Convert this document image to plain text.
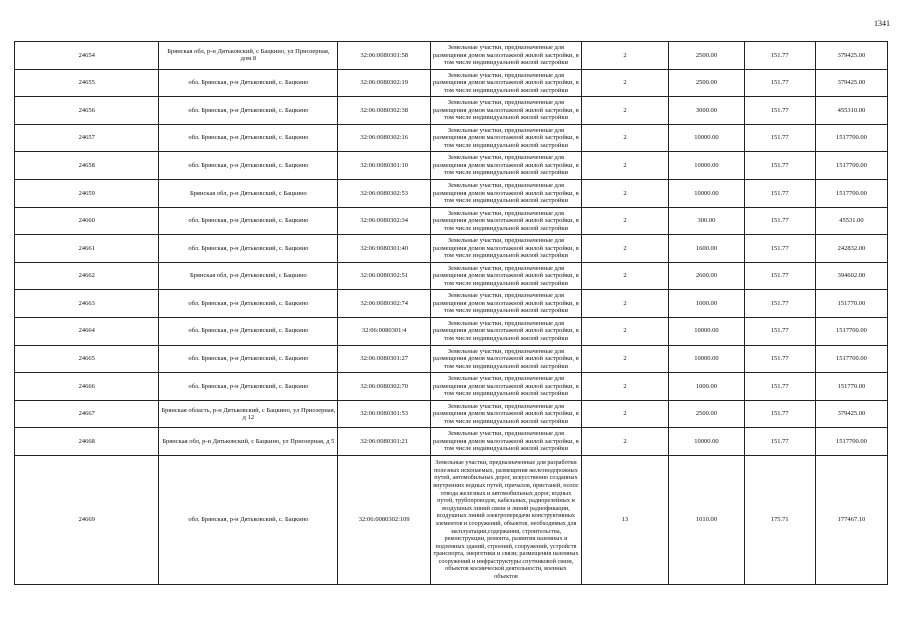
1341
24654	Брянская обл, р-н Дятьковский, с Бацкино, ул Приозерная, дом 8	32:06:0080301:58	Земельные участки, предназначенные для размещения домов малоэтажной жилой застройки, в том числе индивидуальной жилой застройки	2	2500.00	151.77	379425.00
24655	обл. Брянская, р-н Дятьковский, с. Бацкино	32:06:0080302:19	Земельные участки, предназначенные для размещения домов малоэтажной жилой застройки, в том числе индивидуальной жилой застройки	2	2500.00	151.77	379425.00
24656	обл. Брянская, р-н Дятьковский, с. Бацкино	32:06:0080302:38	Земельные участки, предназначенные для размещения домов малоэтажной жилой застройки, в том числе индивидуальной жилой застройки	2	3000.00	151.77	455310.00
24657	обл. Брянская, р-н Дятьковский, с. Бацкино	32:06:0080302:16	Земельные участки, предназначенные для размещения домов малоэтажной жилой застройки, в том числе индивидуальной жилой застройки	2	10000.00	151.77	1517700.00
24658	обл. Брянская, р-н Дятьковский, с. Бацкино	32:06:0080301:10	Земельные участки, предназначенные для размещения домов малоэтажной жилой застройки, в том числе индивидуальной жилой застройки	2	10000.00	151.77	1517700.00
24659	Брянская обл, р-н Дятьковский, с Бацкино	32:06:0080302:53	Земельные участки, предназначенные для размещения домов малоэтажной жилой застройки, в том числе индивидуальной жилой застройки	2	10000.00	151.77	1517700.00
24660	обл. Брянская, р-н Дятьковский, с. Бацкино	32:06:0080302:34	Земельные участки, предназначенные для размещения домов малоэтажной жилой застройки, в том числе индивидуальной жилой застройки	2	300.00	151.77	45531.00
24661	обл. Брянская, р-н Дятьковский, с. Бацкино	32:06:0080301:40	Земельные участки, предназначенные для размещения домов малоэтажной жилой застройки, в том числе индивидуальной жилой застройки	2	1600.00	151.77	242832.00
24662	Брянская обл, р-н Дятьковский, с Бацкино	32:06:0080302:51	Земельные участки, предназначенные для размещения домов малоэтажной жилой застройки, в том числе индивидуальной жилой застройки	2	2600.00	151.77	394602.00
24663	обл. Брянская, р-н Дятьковский, с. Бацкино	32:06:0080302:74	Земельные участки, предназначенные для размещения домов малоэтажной жилой застройки, в том числе индивидуальной жилой застройки	2	1000.00	151.77	151770.00
24664	обл. Брянская, р-н Дятьковский, с. Бацкино	32:06:0080301:4	Земельные участки, предназначенные для размещения домов малоэтажной жилой застройки, в том числе индивидуальной жилой застройки	2	10000.00	151.77	1517700.00
24665	обл. Брянская, р-н Дятьковский, с. Бацкино	32:06:0080301:27	Земельные участки, предназначенные для размещения домов малоэтажной жилой застройки, в том числе индивидуальной жилой застройки	2	10000.00	151.77	1517700.00
24666	обл. Брянская, р-н Дятьковский, с. Бацкино	32:06:0080302:70	Земельные участки, предназначенные для размещения домов малоэтажной жилой застройки, в том числе индивидуальной жилой застройки	2	1000.00	151.77	151770.00
24667	Брянская область, р-н Дятьковский, с Бацкино, ул Приозерная, д 12	32:06:0080301:53	Земельные участки, предназначенные для размещения домов малоэтажной жилой застройки, в том числе индивидуальной жилой застройки	2	2500.00	151.77	379425.00
24668	Брянская обл, р-н Дятьковский, с Бацкино, ул Приозерная, д 5	32:06:0080301:21	Земельные участки, предназначенные для размещения домов малоэтажной жилой застройки, в том числе индивидуальной жилой застройки	2	10000.00	151.77	1517700.00
24669	обл. Брянская, р-н Дятьковский, с. Бацкино	32:06:0080302:109	Земельные участки, предназначенные для разработки полезных ископаемых, размещения железнодорожных путей, автомобильных дорог, искусственно созданных внутренних водных путей, причалов, пристаней, полос отвода железных и автомобильных дорог, водных путей, трубопроводов, кабельных, радиорелейных и воздушных линий связи и линий радиофикации, воздушных линий электропередачи конструктивных элементов и сооружений, объектов, необходимых для эксплуатации,содержания, строительства, реконструкции, ремонта, развития наземных и подземных зданий, строений, сооружений, устройств транспорта, энергетики и связи; размещения наземных сооружений и инфраструктуры спутниковой связи, объектов космической деятельности, военных объектов	13	1010.00	175.71	177467.10
